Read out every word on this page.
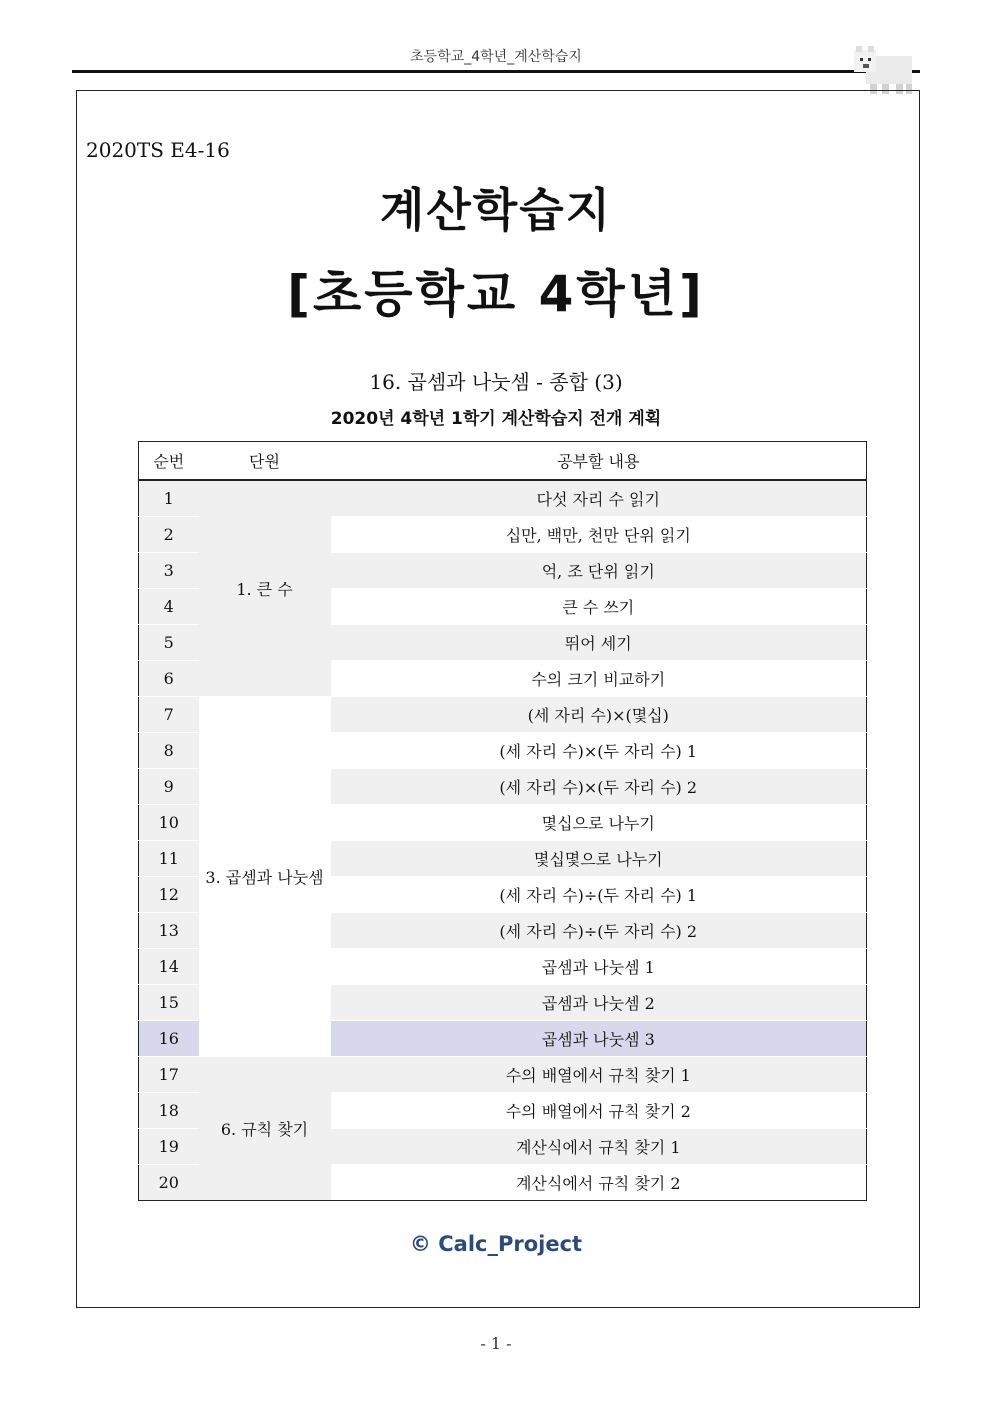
초등학교_4학년_계산학습지
2020TS E4-16
계산학습지
[초등학교 4학년]
16. 곱셈과 나눗셈 - 종합 (3)
2020년 4학년 1학기 계산학습지 전개 계획
순번	단원	공부할 내용
1	1. 큰 수	다섯 자리 수 읽기
2		십만, 백만, 천만 단위 읽기
3		억, 조 단위 읽기
4		큰 수 쓰기
5		뛰어 세기
6		수의 크기 비교하기
7	3. 곱셈과 나눗셈	(세 자리 수)×(몇십)
8		(세 자리 수)×(두 자리 수) 1
9		(세 자리 수)×(두 자리 수) 2
10		몇십으로 나누기
11		몇십몇으로 나누기
12		(세 자리 수)÷(두 자리 수) 1
13		(세 자리 수)÷(두 자리 수) 2
14		곱셈과 나눗셈 1
15		곱셈과 나눗셈 2
16		곱셈과 나눗셈 3
17	6. 규칙 찾기	수의 배열에서 규칙 찾기 1
18		수의 배열에서 규칙 찾기 2
19		계산식에서 규칙 찾기 1
20		계산식에서 규칙 찾기 2
© Calc_Project
- 1 -
